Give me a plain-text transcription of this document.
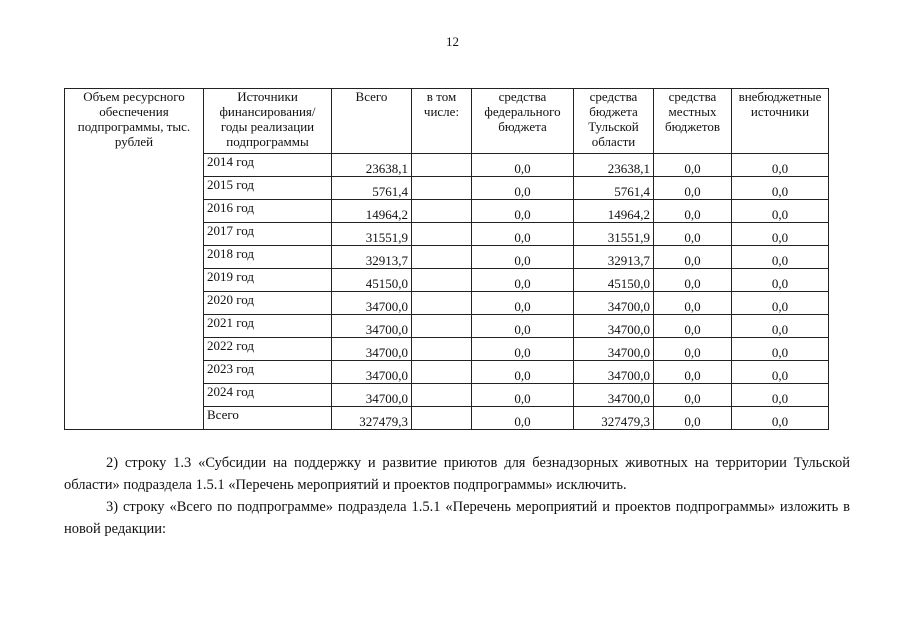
12
Объем ресурсного обеспечения подпрограммы, тыс. рублей	Источники финансирования/ годы реализации подпрограммы	Всего	в том числе:	средства федерального бюджета	средства бюджета Тульской области	средства местных бюджетов	внебюджетные источники
	2014 год	23638,1		0,0	23638,1	0,0	0,0
	2015 год	5761,4		0,0	5761,4	0,0	0,0
	2016 год	14964,2		0,0	14964,2	0,0	0,0
	2017 год	31551,9		0,0	31551,9	0,0	0,0
	2018 год	32913,7		0,0	32913,7	0,0	0,0
	2019 год	45150,0		0,0	45150,0	0,0	0,0
	2020 год	34700,0		0,0	34700,0	0,0	0,0
	2021 год	34700,0		0,0	34700,0	0,0	0,0
	2022 год	34700,0		0,0	34700,0	0,0	0,0
	2023 год	34700,0		0,0	34700,0	0,0	0,0
	2024 год	34700,0		0,0	34700,0	0,0	0,0
	Всего	327479,3		0,0	327479,3	0,0	0,0
2) строку 1.3 «Субсидии на поддержку и развитие приютов для безнадзорных животных на территории Тульской области» подраздела 1.5.1 «Перечень мероприятий и проектов подпрограммы» исключить.
3) строку «Всего по подпрограмме» подраздела 1.5.1 «Перечень мероприятий и проектов подпрограммы» изложить в новой редакции:
